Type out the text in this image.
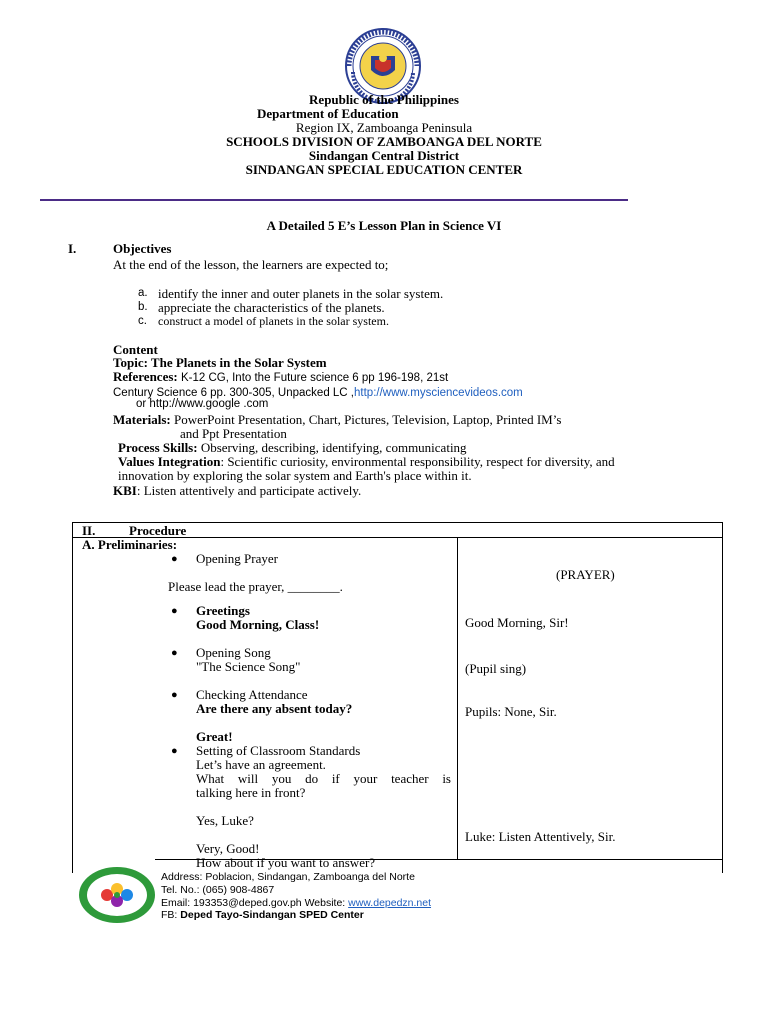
Republic of the Philippines
Department of Education
Region IX, Zamboanga Peninsula
SCHOOLS DIVISION OF ZAMBOANGA DEL NORTE
Sindangan Central District
SINDANGAN SPECIAL EDUCATION CENTER
A Detailed 5 E’s Lesson Plan in Science VI
I.	Objectives
At the end of the lesson, the learners are expected to;
a. identify the inner and outer planets in the solar system.
b. appreciate the characteristics of the planets.
c. construct a model of planets in the solar system.
Content
Topic: The Planets in the Solar System
References: K-12 CG, Into the Future science 6 pp 196-198, 21st
Century Science 6 pp. 300-305, Unpacked LC ,http://www.mysciencevideos.com
or http://www.google .com
Materials: PowerPoint Presentation, Chart, Pictures, Television, Laptop, Printed IM’s
and Ppt Presentation
Process Skills: Observing, describing, identifying, communicating
Values Integration: Scientific curiosity, environmental responsibility, respect for diversity, and
innovation by exploring the solar system and Earth's place within it.
KBI: Listen attentively and participate actively.
II.	Procedure
A. Preliminaries:
● Opening Prayer
Please lead the prayer, ________.
● Greetings
Good Morning, Class!
● Opening Song
"The Science Song"
● Checking Attendance
Are there any absent today?
Great!
● Setting of Classroom Standards
Let’s have an agreement.
What will you do if your teacher is
talking here in front?
Yes, Luke?
Very, Good!
How about if you want to answer?
(PRAYER)
Good Morning, Sir!
(Pupil sing)
Pupils: None, Sir.
Luke: Listen Attentively, Sir.
Address: Poblacion, Sindangan, Zamboanga del Norte
Tel. No.: (065) 908-4867
Email: 193353@deped.gov.ph Website: www.depedzn.net
FB: Deped Tayo-Sindangan SPED Center
